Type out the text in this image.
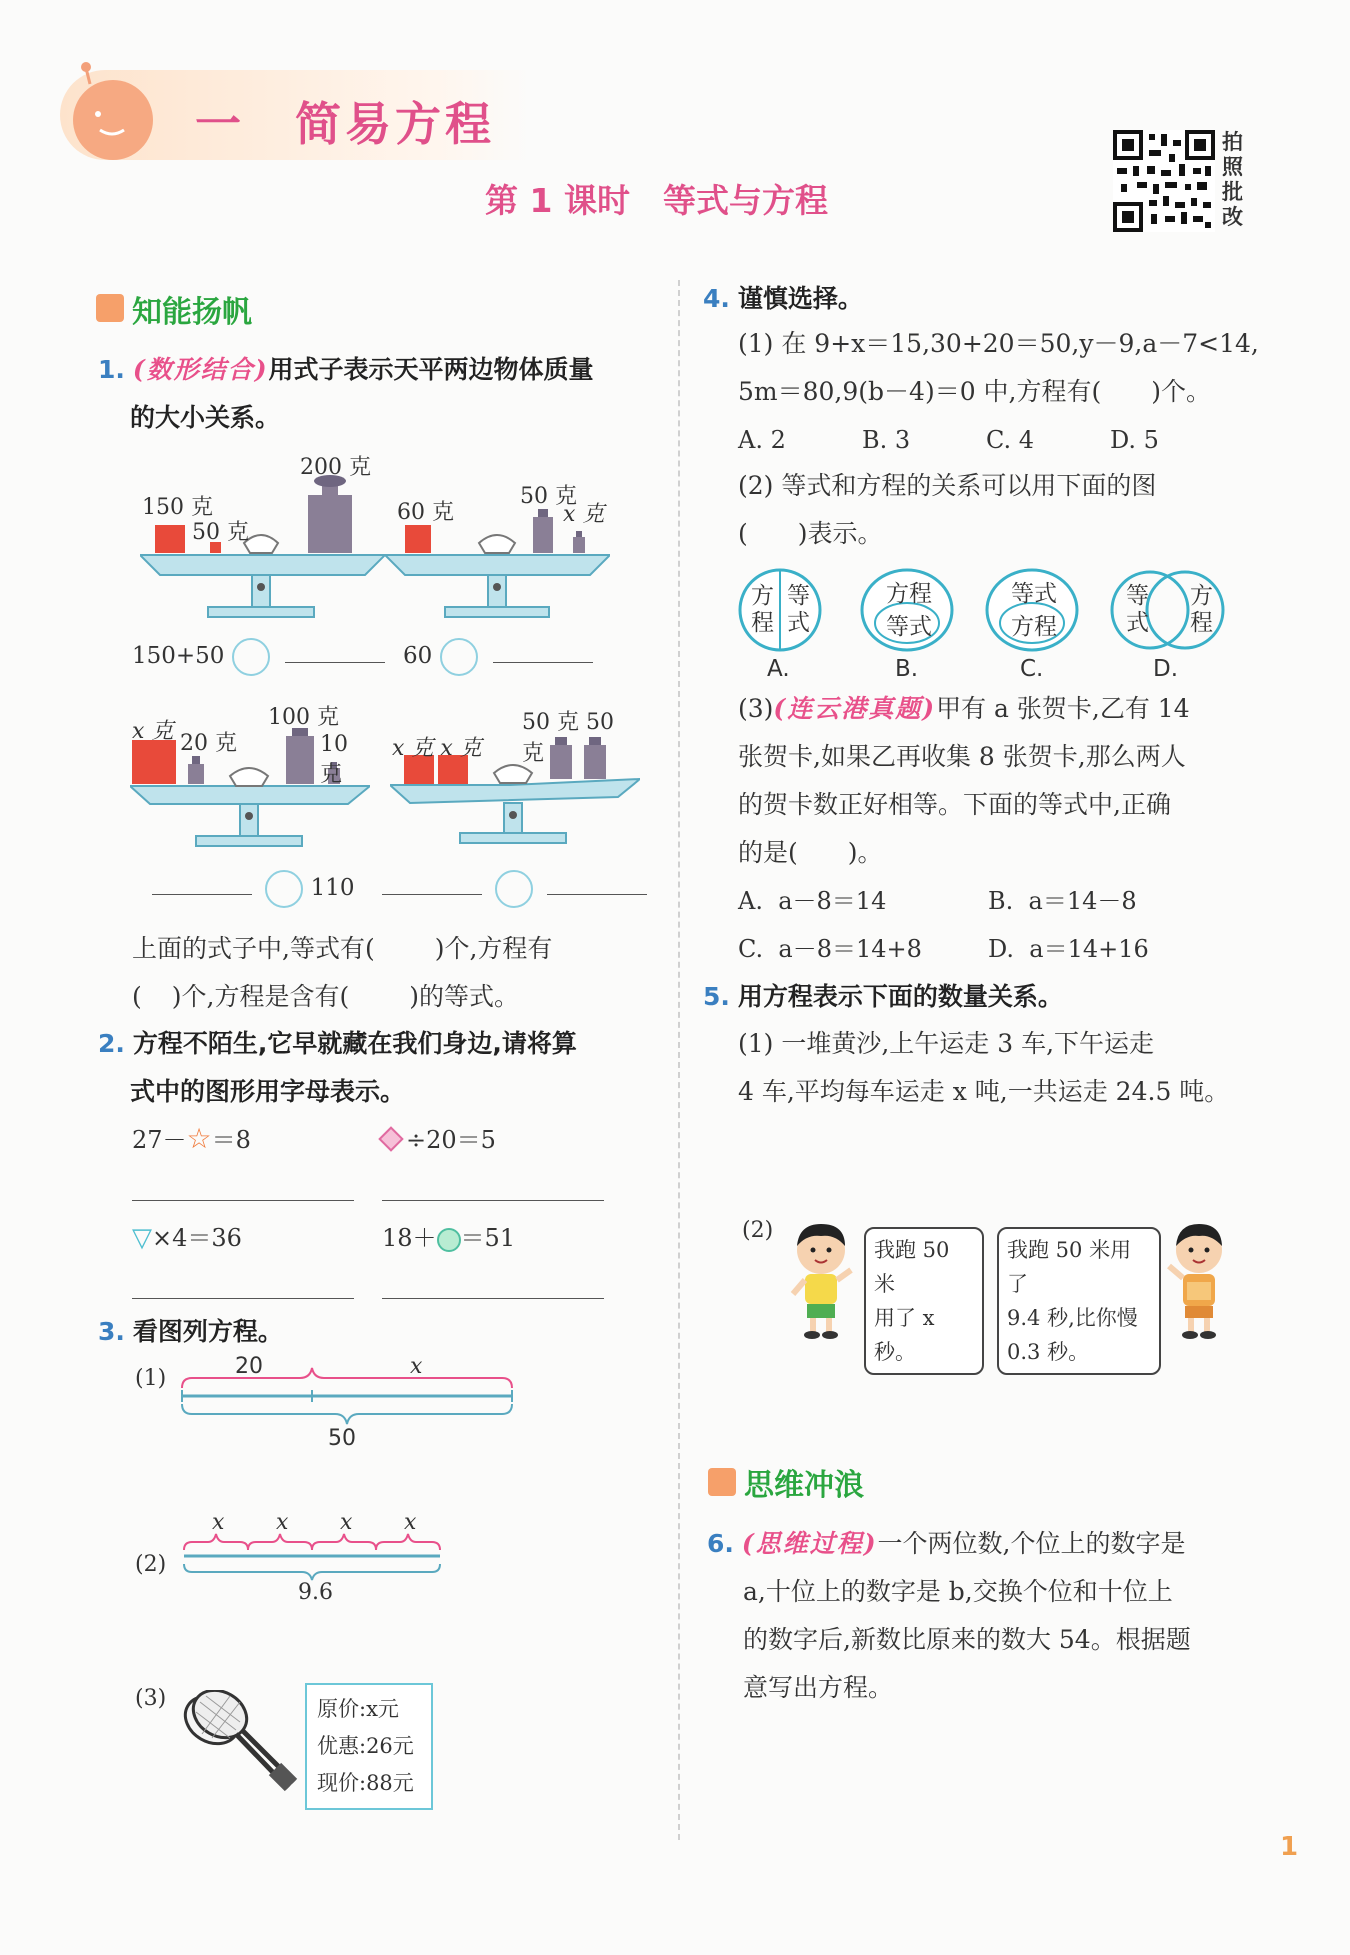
一 简易方程
第 1 课时　等式与方程
拍
照
批
改
知能扬帆
1. (数形结合)用式子表示天平两边物体质量
的大小关系。
150 克
50 克
200 克
150+50
60 克
50 克
x 克
60
x 克 20 克
100 克
10 克
110
x 克 x 克
50 克 50 克

上面的式子中,等式有( )个,方程有
( )个,方程是含有( )的等式。
2. 方程不陌生,它早就藏在我们身边,请将算
式中的图形用字母表示。
27－☆＝8	÷20＝5
▽×4＝36	18＋ ＝51
3. 看图列方程。
(1)	20	x
50
(2)
x x x x
9.6
(3)	原价:x元
优惠:26元
现价:88元
4. 谨慎选择。
(1) 在 9+x＝15,30+20＝50,y－9,a－7<14,
5m＝80,9(b－4)＝0 中,方程有(　　)个。
A. 2	B. 3	C. 4	D. 5
(2) 等式和方程的关系可以用下面的图
(　　)表示。
方程
等式
A.
方程
等式
B.
等式
方程
C.
等式
方程
D.
(3)(连云港真题)甲有 a 张贺卡,乙有 14
张贺卡,如果乙再收集 8 张贺卡,那么两人
的贺卡数正好相等。下面的等式中,正确
的是(　　)。
A.  a－8＝14	B.  a＝14－8
C.  a－8＝14+8	D.  a＝14+16
5. 用方程表示下面的数量关系。
(1) 一堆黄沙,上午运走 3 车,下午运走
4 车,平均每车运走 x 吨,一共运走 24.5 吨。
(2)
我跑 50 米
用了 x 秒。
我跑 50 米用了
9.4 秒,比你慢
0.3 秒。
思维冲浪
6. (思维过程)一个两位数,个位上的数字是
a,十位上的数字是 b,交换个位和十位上
的数字后,新数比原来的数大 54。根据题
意写出方程。
1
